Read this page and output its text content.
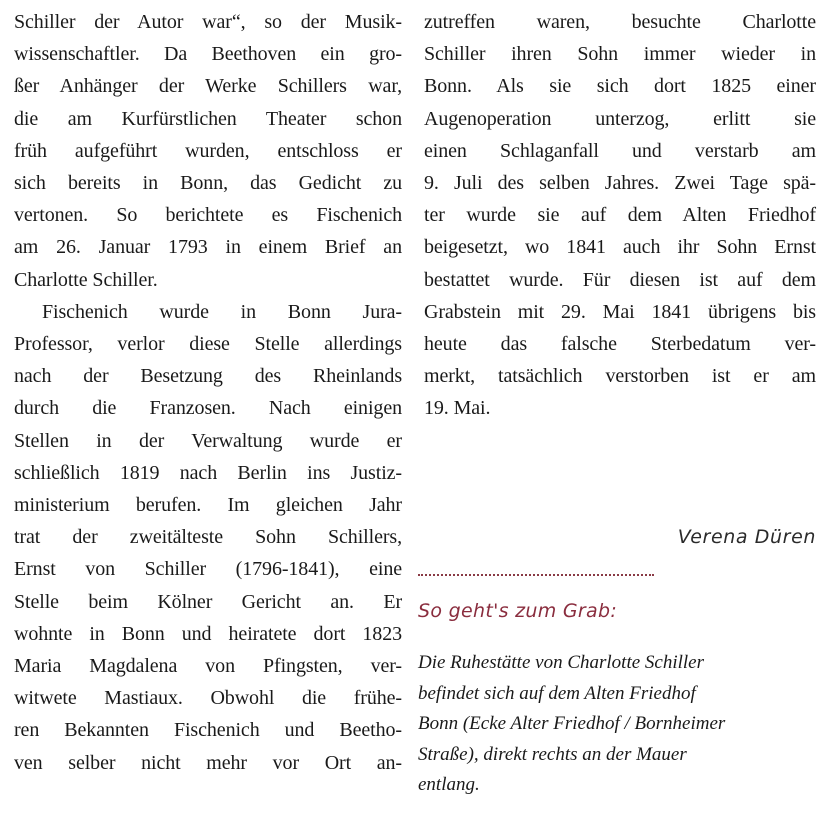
Schiller der Autor war“, so der Musik-
wissenschaftler. Da Beethoven ein gro-
ßer Anhänger der Werke Schillers war,
die am Kurfürstlichen Theater schon
früh aufgeführt wurden, entschloss er
sich bereits in Bonn, das Gedicht zu
vertonen. So berichtete es Fischenich
am 26. Januar 1793 in einem Brief an
Charlotte Schiller.
Fischenich wurde in Bonn Jura-
Professor, verlor diese Stelle allerdings
nach der Besetzung des Rheinlands
durch die Franzosen. Nach einigen
Stellen in der Verwaltung wurde er
schließlich 1819 nach Berlin ins Justiz-
ministerium berufen. Im gleichen Jahr
trat der zweitälteste Sohn Schillers,
Ernst von Schiller (1796-1841), eine
Stelle beim Kölner Gericht an. Er
wohnte in Bonn und heiratete dort 1823
Maria Magdalena von Pfingsten, ver-
witwete Mastiaux. Obwohl die frühe-
ren Bekannten Fischenich und Beetho-
ven selber nicht mehr vor Ort an-
zutreffen waren, besuchte Charlotte
Schiller ihren Sohn immer wieder in
Bonn. Als sie sich dort 1825 einer
Augenoperation unterzog, erlitt sie
einen Schlaganfall und verstarb am
9. Juli des selben Jahres. Zwei Tage spä-
ter wurde sie auf dem Alten Friedhof
beigesetzt, wo 1841 auch ihr Sohn Ernst
bestattet wurde. Für diesen ist auf dem
Grabstein mit 29. Mai 1841 übrigens bis
heute das falsche Sterbedatum ver-
merkt, tatsächlich verstorben ist er am
19. Mai.
Verena Düren
So geht's zum Grab:
Die Ruhestätte von Charlotte Schiller
befindet sich auf dem Alten Friedhof
Bonn (Ecke Alter Friedhof / Bornheimer
Straße), direkt rechts an der Mauer
entlang.
